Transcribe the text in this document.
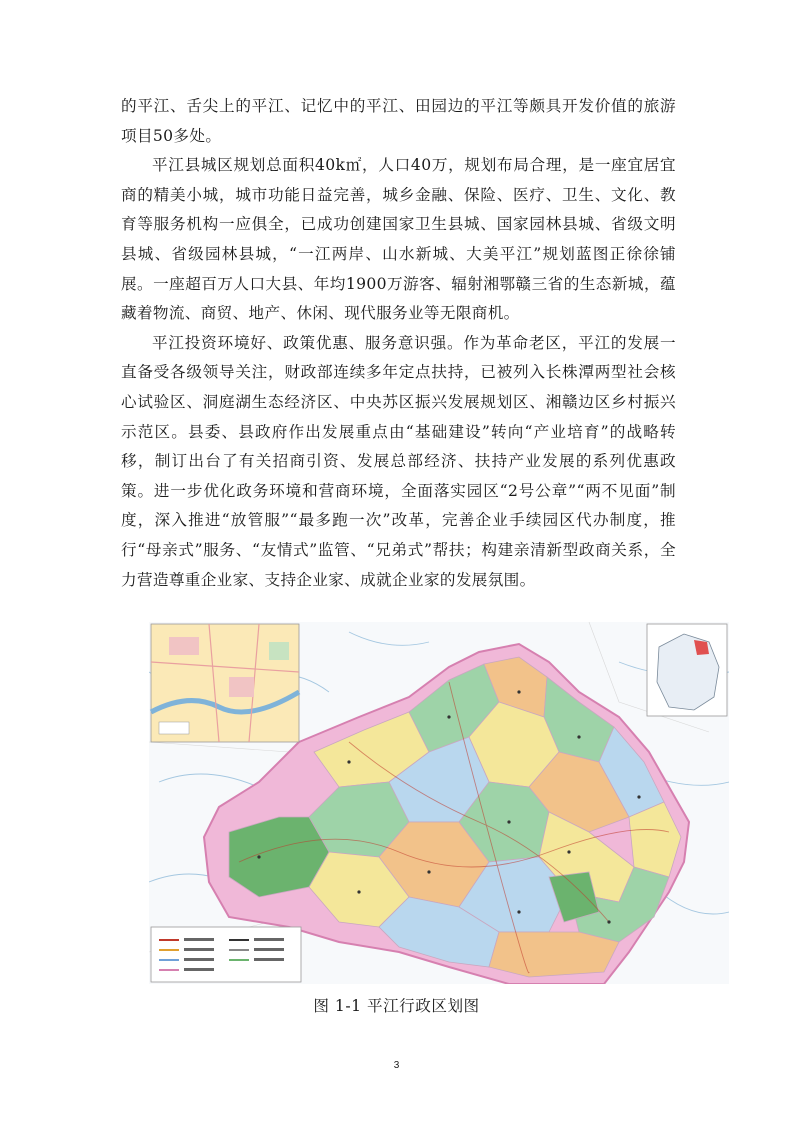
的平江、舌尖上的平江、记忆中的平江、田园边的平江等颇具开发价值的旅游项目50多处。

平江县城区规划总面积40k㎡，人口40万，规划布局合理，是一座宜居宜商的精美小城，城市功能日益完善，城乡金融、保险、医疗、卫生、文化、教育等服务机构一应俱全，已成功创建国家卫生县城、国家园林县城、省级文明县城、省级园林县城，“一江两岸、山水新城、大美平江”规划蓝图正徐徐铺展。一座超百万人口大县、年均1900万游客、辐射湘鄂赣三省的生态新城，蕴藏着物流、商贸、地产、休闲、现代服务业等无限商机。

平江投资环境好、政策优惠、服务意识强。作为革命老区，平江的发展一直备受各级领导关注，财政部连续多年定点扶持，已被列入长株潭两型社会核心试验区、洞庭湖生态经济区、中央苏区振兴发展规划区、湘赣边区乡村振兴示范区。县委、县政府作出发展重点由“基础建设”转向“产业培育”的战略转移，制订出台了有关招商引资、发展总部经济、扶持产业发展的系列优惠政策。进一步优化政务环境和营商环境，全面落实园区“2号公章”“两不见面”制度，深入推进“放管服”“最多跑一次”改革，完善企业手续园区代办制度，推行“母亲式”服务、“友情式”监管、“兄弟式”帮扶；构建亲清新型政商关系，全力营造尊重企业家、支持企业家、成就企业家的发展氛围。

图 1-1 平江行政区划图
3
